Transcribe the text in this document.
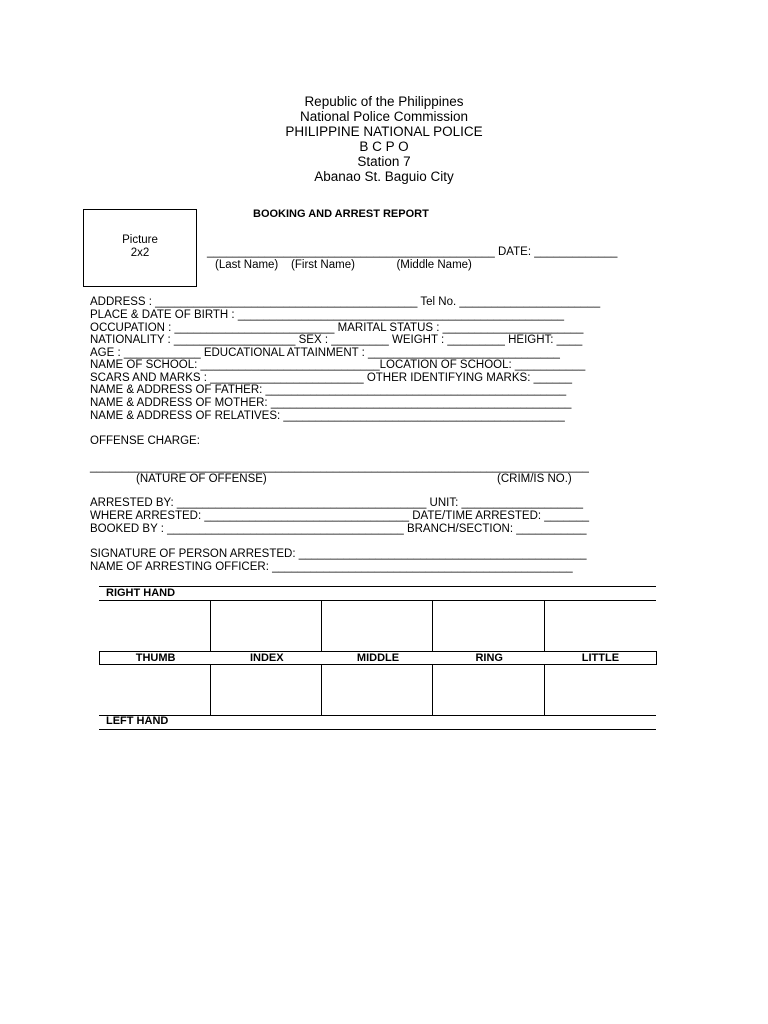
Republic of the Philippines
National Police Commission
PHILIPPINE NATIONAL POLICE
B C P O
Station 7
Abanao St. Baguio City
Picture
2x2
BOOKING AND ARREST REPORT
_____________________________________________ DATE: _____________
(Last Name)    (First Name)             (Middle Name)
ADDRESS : _________________________________________ Tel No. ______________________
PLACE & DATE OF BIRTH : ___________________________________________________
OCCUPATION : _________________________ MARITAL STATUS : ______________________
NATIONALITY : ___________________ SEX : _________ WEIGHT : _________ HEIGHT: ____
AGE : ____________ EDUCATIONAL ATTAINMENT : ______________________________
NAME OF SCHOOL: ____________________________LOCATION OF SCHOOL: ___________
SCARS AND MARKS : ________________________ OTHER IDENTIFYING MARKS: ______
NAME & ADDRESS OF FATHER: _______________________________________________
NAME & ADDRESS OF MOTHER: _______________________________________________
NAME & ADDRESS OF RELATIVES: ____________________________________________
OFFENSE CHARGE:
______________________________________________________________________________
(NATURE OF OFFENSE)	(CRIM/IS NO.)
ARRESTED BY: _______________________________________ UNIT: ___________________
WHERE ARRESTED: ________________________________ DATE/TIME ARRESTED: _______
BOOKED BY : _____________________________________ BRANCH/SECTION: ___________
SIGNATURE OF PERSON ARRESTED: _____________________________________________
NAME OF ARRESTING OFFICER: _______________________________________________
RIGHT HAND
THUMB	INDEX	MIDDLE	RING	LITTLE
LEFT HAND
